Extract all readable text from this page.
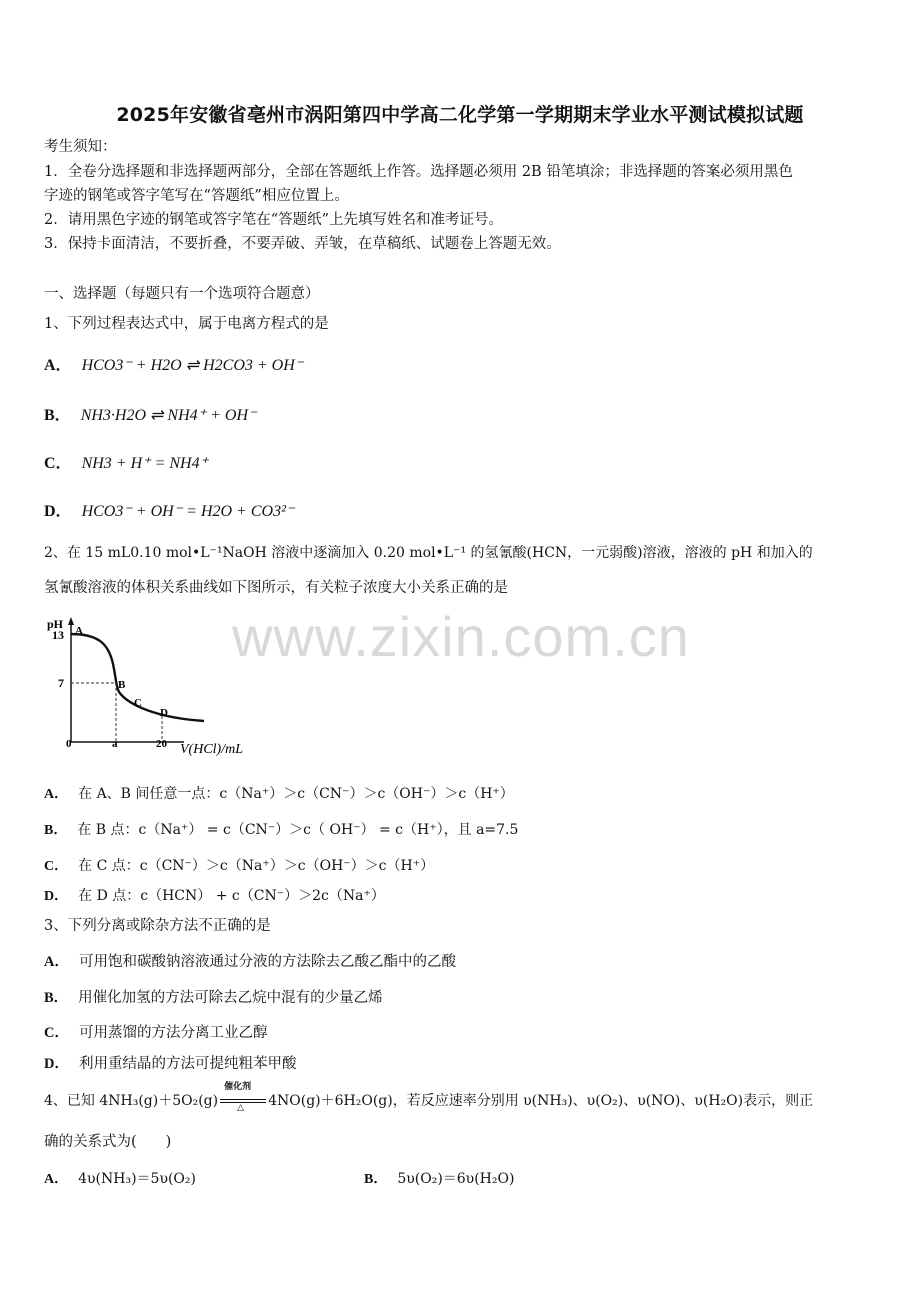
www.zixin.com.cn
2025年安徽省亳州市涡阳第四中学高二化学第一学期期末学业水平测试模拟试题
考生须知：
1．全卷分选择题和非选择题两部分，全部在答题纸上作答。选择题必须用 2B 铅笔填涂；非选择题的答案必须用黑色
字迹的钢笔或答字笔写在“答题纸”相应位置上。
2．请用黑色字迹的钢笔或答字笔在“答题纸”上先填写姓名和准考证号。
3．保持卡面清洁，不要折叠，不要弄破、弄皱，在草稿纸、试题卷上答题无效。
一、选择题（每题只有一个选项符合题意）
1、下列过程表达式中，属于电离方程式的是
A． HCO3⁻ + H2O ⇌ H2CO3 + OH⁻
B． NH3·H2O ⇌ NH4⁺ + OH⁻
C． NH3 + H⁺ = NH4⁺
D． HCO3⁻ + OH⁻ = H2O + CO3²⁻
2、在 15 mL0.10 mol•L⁻¹NaOH 溶液中逐滴加入 0.20 mol•L⁻¹ 的氢氰酸(HCN，一元弱酸)溶液，溶液的 pH 和加入的
氢氰酸溶液的体积关系曲线如下图所示，有关粒子浓度大小关系正确的是
pH
13
7
0	a	20 V(HCl)/mL
A
B
C
D
A． 在 A、B 间任意一点：c（Na⁺）＞c（CN⁻）＞c（OH⁻）＞c（H⁺）
B． 在 B 点：c（Na⁺） = c（CN⁻）＞c（ OH⁻） = c（H⁺），且 a=7.5
C． 在 C 点：c（CN⁻）＞c（Na⁺）＞c（OH⁻）＞c（H⁺）
D． 在 D 点：c（HCN） + c（CN⁻）＞2c（Na⁺）
3、下列分离或除杂方法不正确的是
A． 可用饱和碳酸钠溶液通过分液的方法除去乙酸乙酯中的乙酸
B． 用催化加氢的方法可除去乙烷中混有的少量乙烯
C． 可用蒸馏的方法分离工业乙醇
D． 利用重结晶的方法可提纯粗苯甲酸
4、已知 4NH₃(g)＋5O₂(g)
催化剂
△ 4NO(g)＋6H₂O(g)，若反应速率分别用 υ(NH₃)、υ(O₂)、υ(NO)、υ(H₂O)表示，则正
确的关系式为(　　)
A． 4υ(NH₃)＝5υ(O₂)	B． 5υ(O₂)＝6υ(H₂O)
